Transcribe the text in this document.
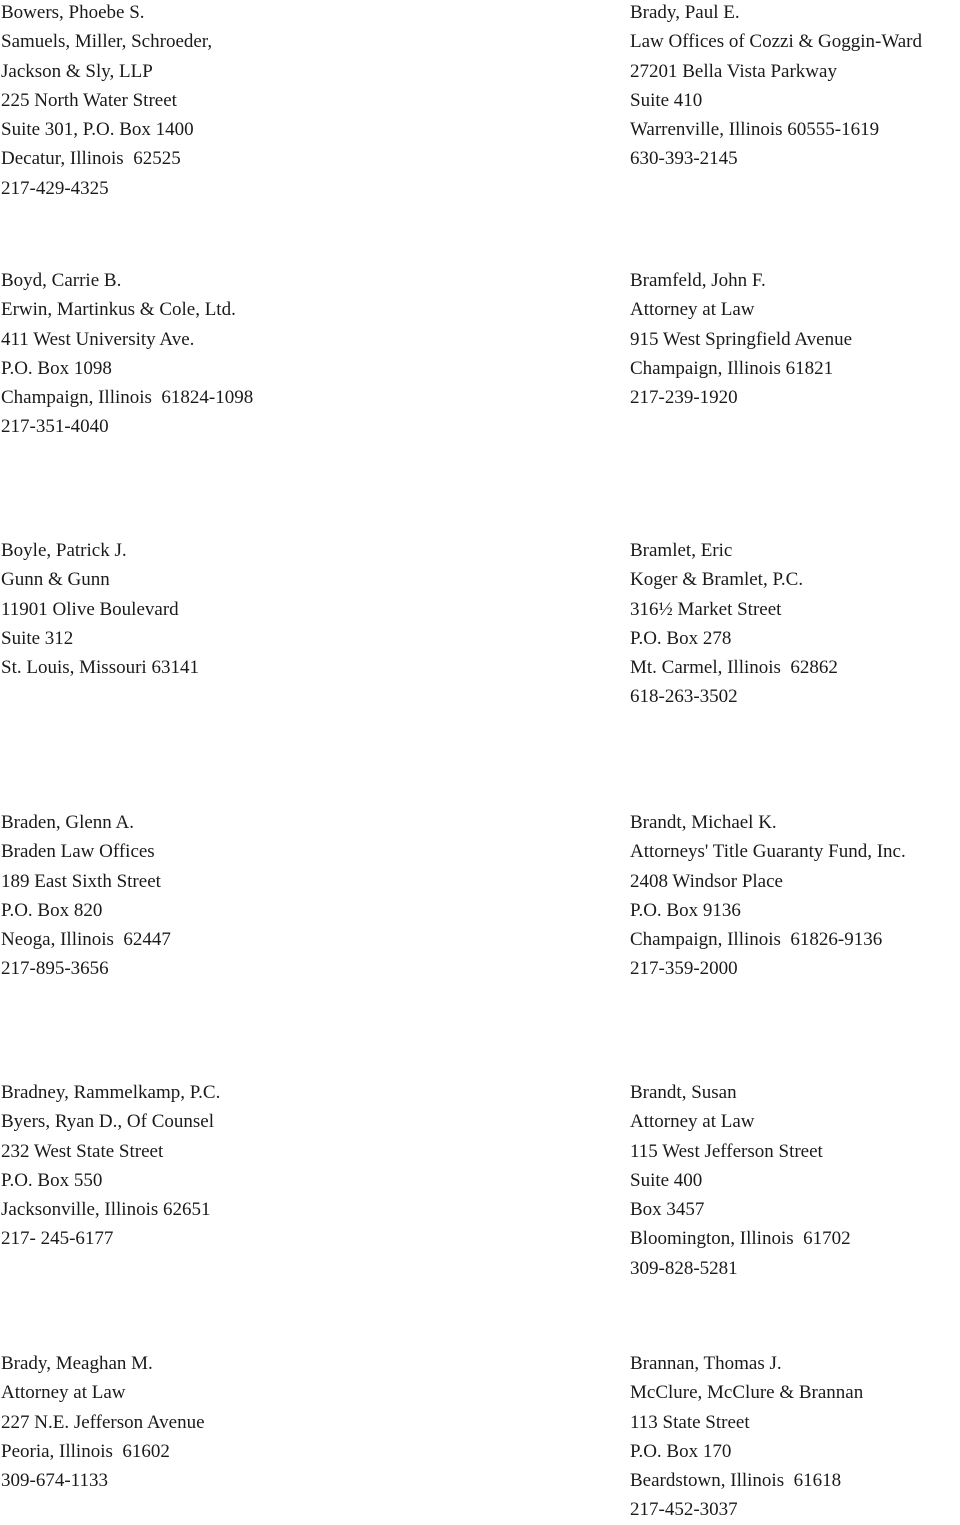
Bowers, Phoebe S.
Samuels, Miller, Schroeder,
Jackson & Sly, LLP
225 North Water Street
Suite 301, P.O. Box 1400
Decatur, Illinois  62525
217-429-4325
Brady, Paul E.
Law Offices of Cozzi & Goggin-Ward
27201 Bella Vista Parkway
Suite 410
Warrenville, Illinois 60555-1619
630-393-2145
Boyd, Carrie B.
Erwin, Martinkus & Cole, Ltd.
411 West University Ave.
P.O. Box 1098
Champaign, Illinois  61824-1098
217-351-4040
Bramfeld, John F.
Attorney at Law
915 West Springfield Avenue
Champaign, Illinois 61821
217-239-1920
Boyle, Patrick J.
Gunn & Gunn
11901 Olive Boulevard
Suite 312
St. Louis, Missouri 63141
Bramlet, Eric
Koger & Bramlet, P.C.
316½ Market Street
P.O. Box 278
Mt. Carmel, Illinois  62862
618-263-3502
Braden, Glenn A.
Braden Law Offices
189 East Sixth Street
P.O. Box 820
Neoga, Illinois  62447
217-895-3656
Brandt, Michael K.
Attorneys' Title Guaranty Fund, Inc.
2408 Windsor Place
P.O. Box 9136
Champaign, Illinois  61826-9136
217-359-2000
Bradney, Rammelkamp, P.C.
Byers, Ryan D., Of Counsel
232 West State Street
P.O. Box 550
Jacksonville, Illinois 62651
217- 245-6177
Brandt, Susan
Attorney at Law
115 West Jefferson Street
Suite 400
Box 3457
Bloomington, Illinois  61702
309-828-5281
Brady, Meaghan M.
Attorney at Law
227 N.E. Jefferson Avenue
Peoria, Illinois  61602
309-674-1133
Brannan, Thomas J.
McClure, McClure & Brannan
113 State Street
P.O. Box 170
Beardstown, Illinois  61618
217-452-3037
